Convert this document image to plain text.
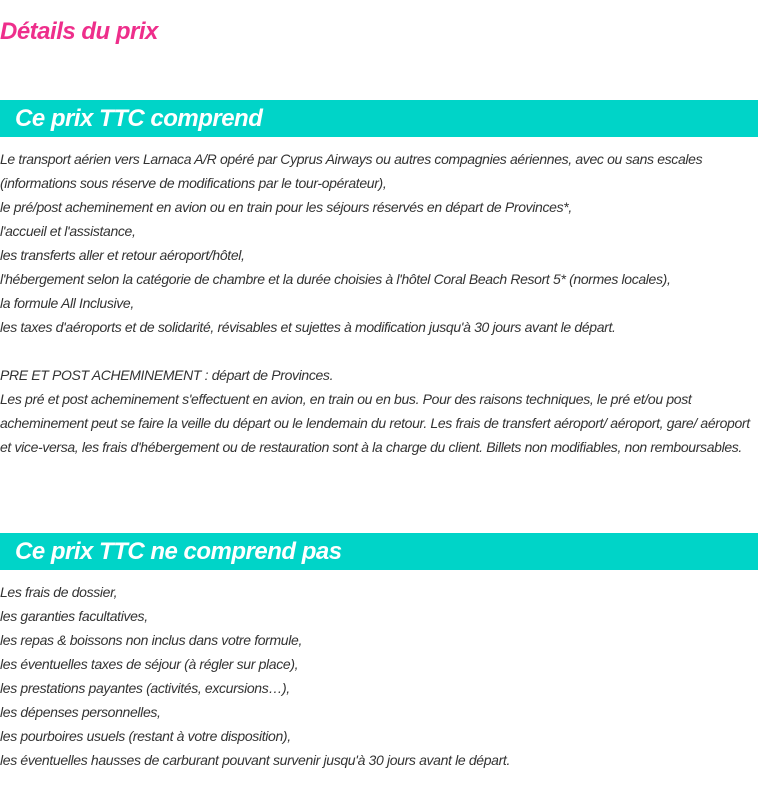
Détails du prix
Ce prix TTC comprend
Le transport aérien vers Larnaca A/R opéré par Cyprus Airways ou autres compagnies aériennes, avec ou sans escales
(informations sous réserve de modifications par le tour-opérateur),
le pré/post acheminement en avion ou en train pour les séjours réservés en départ de Provinces*,
l'accueil et l'assistance,
les transferts aller et retour aéroport/hôtel,
l'hébergement selon la catégorie de chambre et la durée choisies à l'hôtel Coral Beach Resort 5* (normes locales),
la formule All Inclusive,
les taxes d'aéroports et de solidarité, révisables et sujettes à modification jusqu'à 30 jours avant le départ.
PRE ET POST ACHEMINEMENT : départ de Provinces.
Les pré et post acheminement s'effectuent en avion, en train ou en bus. Pour des raisons techniques, le pré et/ou post acheminement peut se faire la veille du départ ou le lendemain du retour. Les frais de transfert aéroport/ aéroport, gare/ aéroport et vice-versa, les frais d'hébergement ou de restauration sont à la charge du client. Billets non modifiables, non remboursables.
Ce prix TTC ne comprend pas
Les frais de dossier,
les garanties facultatives,
les repas & boissons non inclus dans votre formule,
les éventuelles taxes de séjour (à régler sur place),
les prestations payantes (activités, excursions…),
les dépenses personnelles,
les pourboires usuels (restant à votre disposition),
les éventuelles hausses de carburant pouvant survenir jusqu'à 30 jours avant le départ.
